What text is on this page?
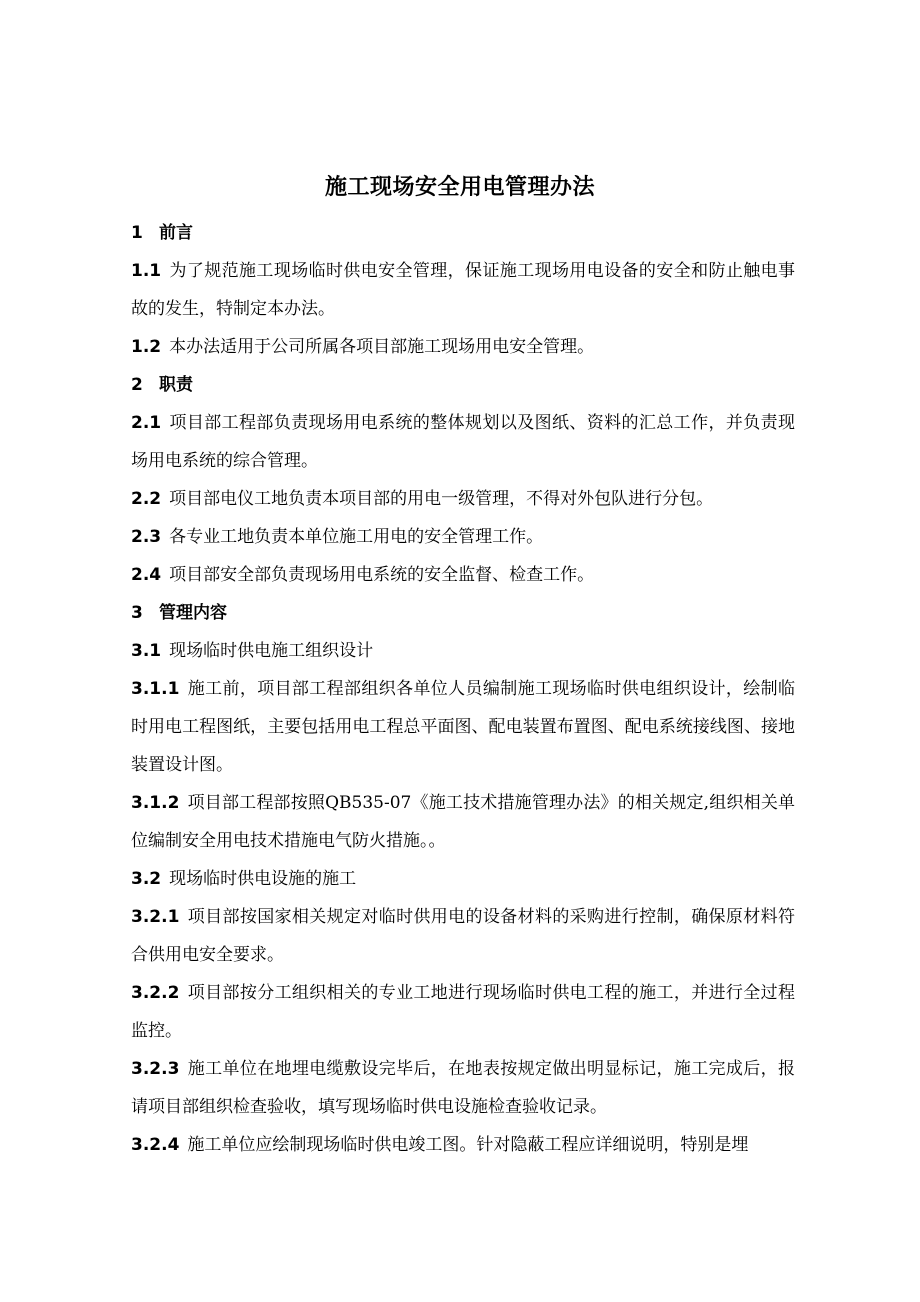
施工现场安全用电管理办法

1 前言

1.1 为了规范施工现场临时供电安全管理，保证施工现场用电设备的安全和防止触电事故的发生，特制定本办法。

1.2 本办法适用于公司所属各项目部施工现场用电安全管理。

2 职责

2.1 项目部工程部负责现场用电系统的整体规划以及图纸、资料的汇总工作，并负责现场用电系统的综合管理。

2.2 项目部电仪工地负责本项目部的用电一级管理，不得对外包队进行分包。

2.3 各专业工地负责本单位施工用电的安全管理工作。

2.4 项目部安全部负责现场用电系统的安全监督、检查工作。

3 管理内容

3.1 现场临时供电施工组织设计

3.1.1 施工前，项目部工程部组织各单位人员编制施工现场临时供电组织设计，绘制临时用电工程图纸，主要包括用电工程总平面图、配电装置布置图、配电系统接线图、接地装置设计图。

3.1.2 项目部工程部按照QB535-07《施工技术措施管理办法》的相关规定,组织相关单位编制安全用电技术措施电气防火措施。。

3.2 现场临时供电设施的施工

3.2.1 项目部按国家相关规定对临时供用电的设备材料的采购进行控制，确保原材料符合供用电安全要求。

3.2.2 项目部按分工组织相关的专业工地进行现场临时供电工程的施工，并进行全过程监控。

3.2.3 施工单位在地埋电缆敷设完毕后，在地表按规定做出明显标记，施工完成后，报请项目部组织检查验收，填写现场临时供电设施检查验收记录。

3.2.4 施工单位应绘制现场临时供电竣工图。针对隐蔽工程应详细说明，特别是埋
